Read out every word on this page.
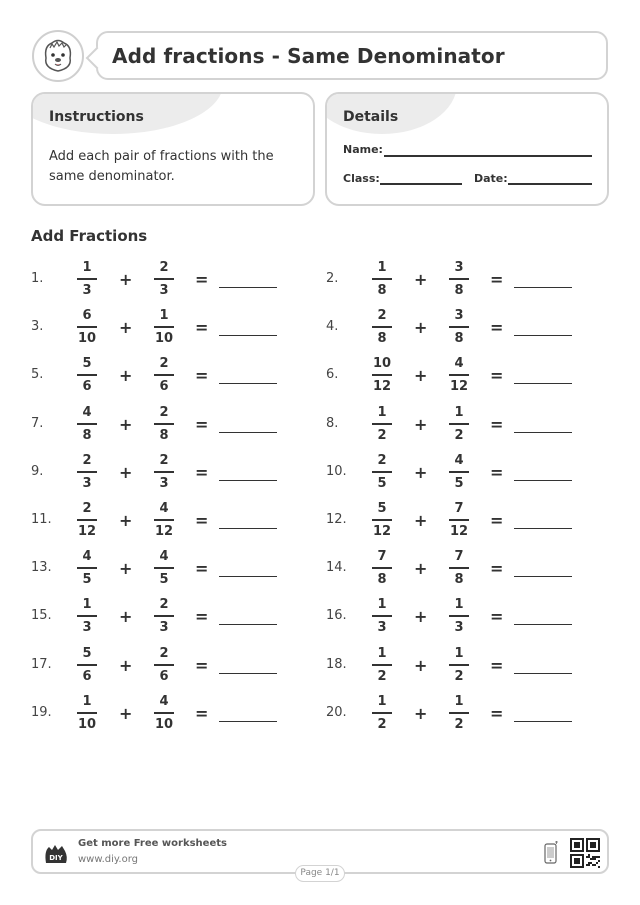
Add fractions - Same Denominator
Instructions
Add each pair of fractions with the same denominator.
Details
Name:
Class:	Date:
Add Fractions
1.
1
3
+
2
3
=	2.
1
8
+
3
8
=
3.
6
10
+
1
10
=	4.
2
8
+
3
8
=
5.
5
6
+
2
6
=	6.
10
12
+
4
12
=
7.
4
8
+
2
8
=	8.
1
2
+
1
2
=
9.
2
3
+
2
3
=	10.
2
5
+
4
5
=
11.
2
12
+
4
12
=	12.
5
12
+
7
12
=
13.
4
5
+
4
5
=	14.
7
8
+
7
8
=
15.
1
3
+
2
3
=	16.
1
3
+
1
3
=
17.
5
6
+
2
6
=	18.
1
2
+
1
2
=
19.
1
10
+
4
10
=	20.
1
2
+
1
2
=
DIY
Get more Free worksheets
www.diy.org
Page 1/1
